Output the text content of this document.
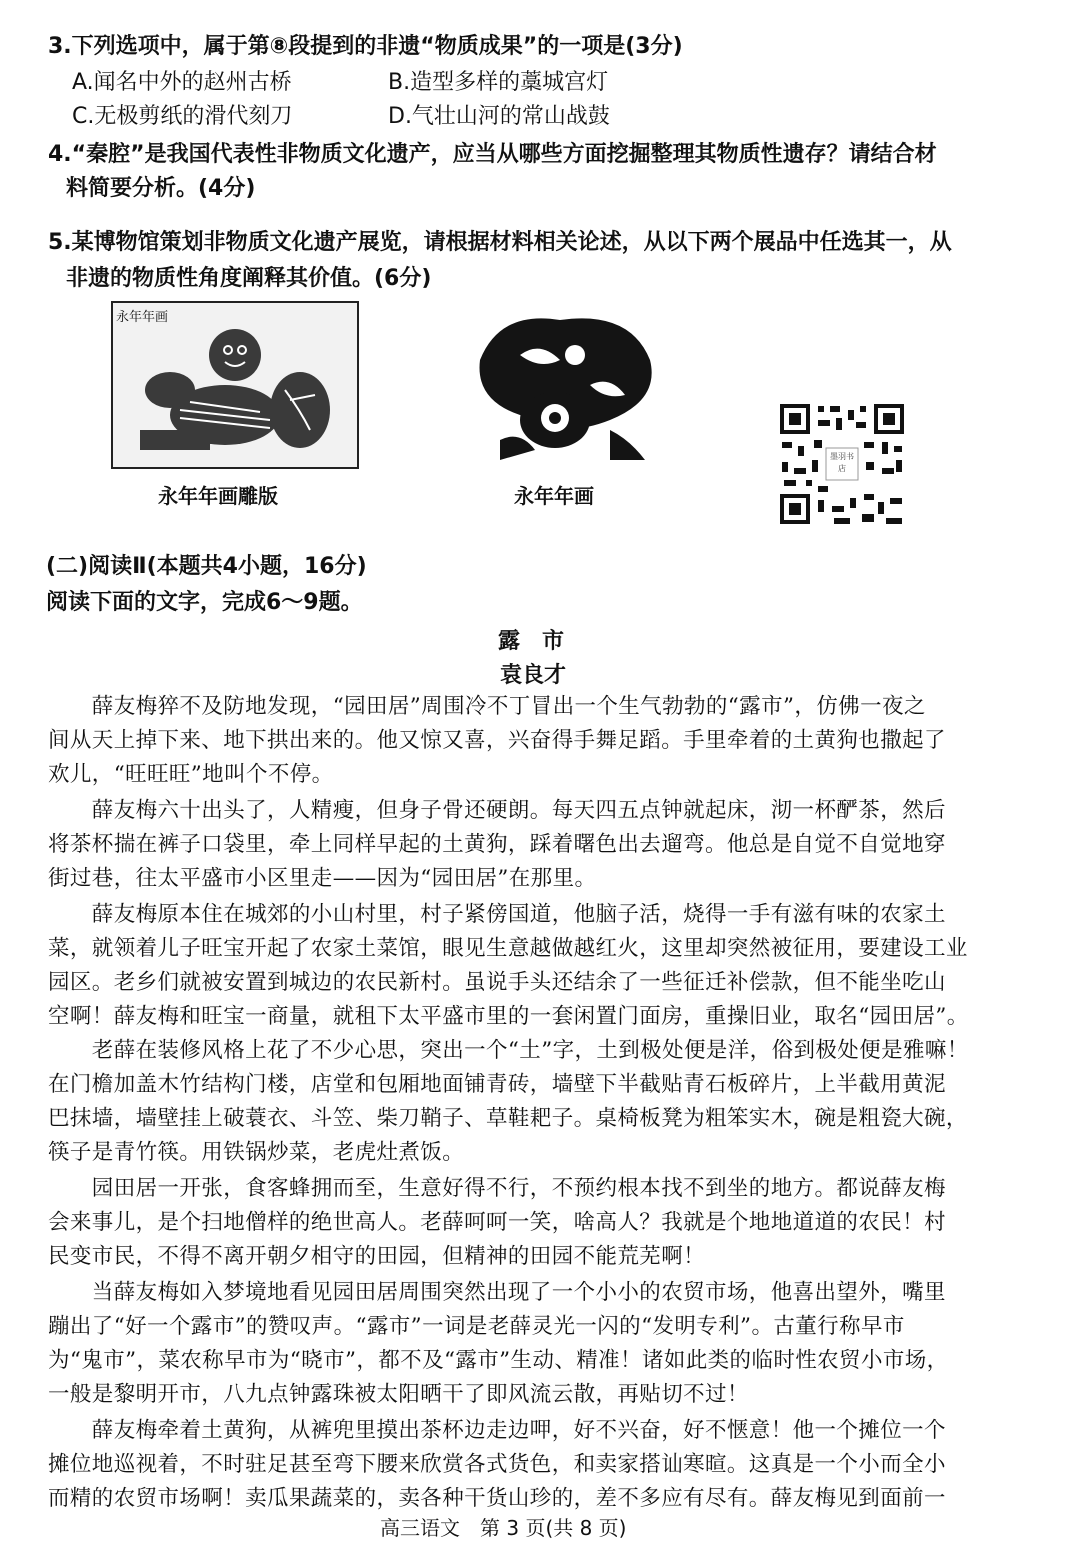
3.下列选项中，属于第⑧段提到的非遗“物质成果”的一项是(3分)
A.闻名中外的赵州古桥	B.造型多样的藁城宫灯
C.无极剪纸的滑代刻刀	D.气壮山河的常山战鼓
4.“秦腔”是我国代表性非物质文化遗产，应当从哪些方面挖掘整理其物质性遗存？请结合材
料简要分析。(4分)
5.某博物馆策划非物质文化遗产展览，请根据材料相关论述，从以下两个展品中任选其一，从
非遗的物质性角度阐释其价值。(6分)
永年年画
永年年画雕版	永年年画
墨羽书店
(二)阅读Ⅱ(本题共4小题，16分)
阅读下面的文字，完成6～9题。
露　市
袁良才
　　薛友梅猝不及防地发现，“园田居”周围冷不丁冒出一个生气勃勃的“露市”，仿佛一夜之
间从天上掉下来、地下拱出来的。他又惊又喜，兴奋得手舞足蹈。手里牵着的土黄狗也撒起了
欢儿，“旺旺旺”地叫个不停。
　　薛友梅六十出头了，人精瘦，但身子骨还硬朗。每天四五点钟就起床，沏一杯酽茶，然后
将茶杯揣在裤子口袋里，牵上同样早起的土黄狗，踩着曙色出去遛弯。他总是自觉不自觉地穿
街过巷，往太平盛市小区里走——因为“园田居”在那里。
　　薛友梅原本住在城郊的小山村里，村子紧傍国道，他脑子活，烧得一手有滋有味的农家土
菜，就领着儿子旺宝开起了农家土菜馆，眼见生意越做越红火，这里却突然被征用，要建设工业
园区。老乡们就被安置到城边的农民新村。虽说手头还结余了一些征迁补偿款，但不能坐吃山
空啊！薛友梅和旺宝一商量，就租下太平盛市里的一套闲置门面房，重操旧业，取名“园田居”。
　　老薛在装修风格上花了不少心思，突出一个“土”字，土到极处便是洋，俗到极处便是雅嘛！
在门檐加盖木竹结构门楼，店堂和包厢地面铺青砖，墙壁下半截贴青石板碎片，上半截用黄泥
巴抹墙，墙壁挂上破蓑衣、斗笠、柴刀鞘子、草鞋耙子。桌椅板凳为粗笨实木，碗是粗瓷大碗，
筷子是青竹筷。用铁锅炒菜，老虎灶煮饭。
　　园田居一开张，食客蜂拥而至，生意好得不行，不预约根本找不到坐的地方。都说薛友梅
会来事儿，是个扫地僧样的绝世高人。老薛呵呵一笑，啥高人？我就是个地地道道的农民！村
民变市民，不得不离开朝夕相守的田园，但精神的田园不能荒芜啊！
　　当薛友梅如入梦境地看见园田居周围突然出现了一个小小的农贸市场，他喜出望外，嘴里
蹦出了“好一个露市”的赞叹声。“露市”一词是老薛灵光一闪的“发明专利”。古董行称早市
为“鬼市”，菜农称早市为“晓市”，都不及“露市”生动、精准！诸如此类的临时性农贸小市场，
一般是黎明开市，八九点钟露珠被太阳晒干了即风流云散，再贴切不过！
　　薛友梅牵着土黄狗，从裤兜里摸出茶杯边走边呷，好不兴奋，好不惬意！他一个摊位一个
摊位地巡视着，不时驻足甚至弯下腰来欣赏各式货色，和卖家搭讪寒暄。这真是一个小而全小
而精的农贸市场啊！卖瓜果蔬菜的，卖各种干货山珍的，差不多应有尽有。薛友梅见到面前一
高三语文　第 3 页(共 8 页)
